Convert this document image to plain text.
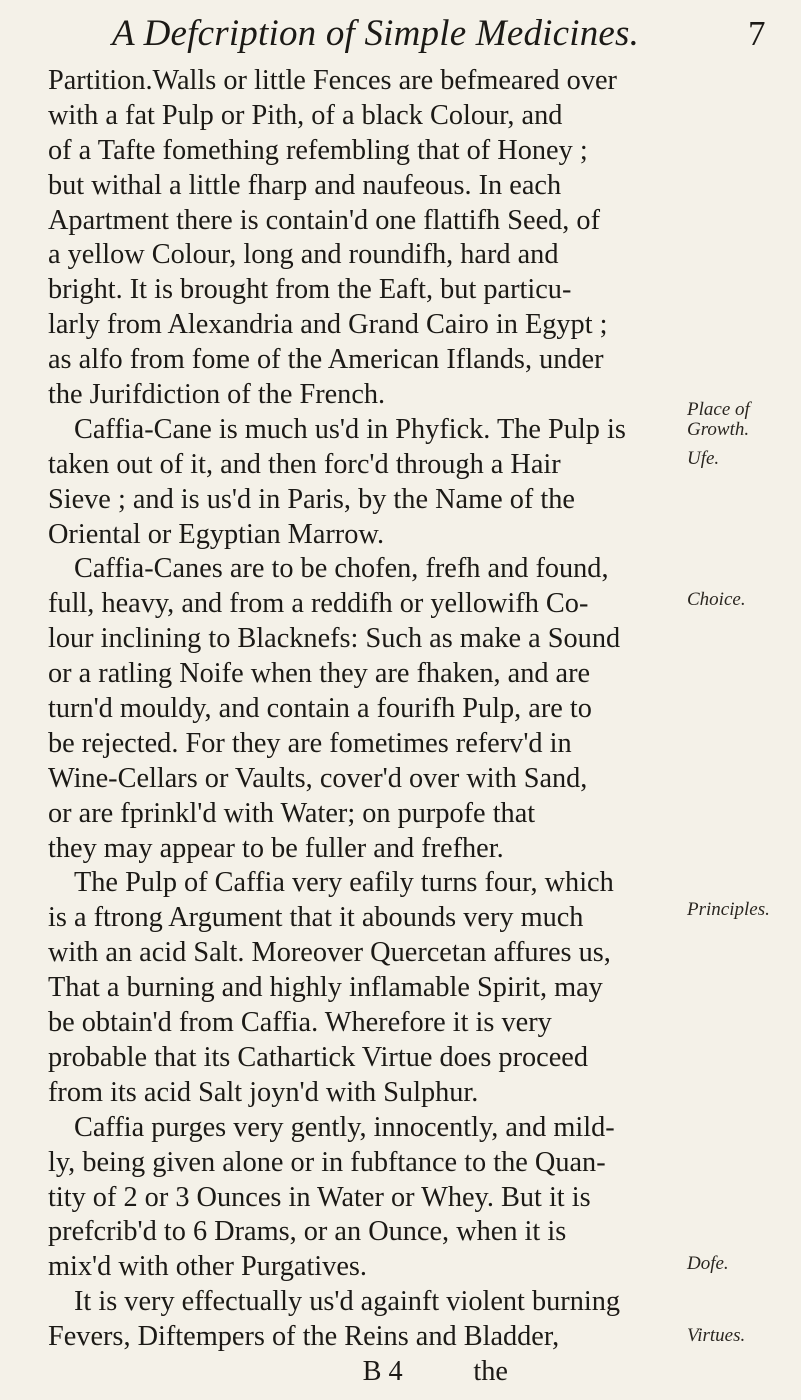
A Defcription of Simple Medicines.	7
Partition.Walls or little Fences are befmeared over
with a fat Pulp or Pith, of a black Colour, and
of a Tafte fomething refembling that of Honey ;
but withal a little fharp and naufeous. In each
Apartment there is contain'd one flattifh Seed, of
a yellow Colour, long and roundifh, hard and
bright. It is brought from the Eaft, but particu-
larly from Alexandria and Grand Cairo in Egypt ;
as alfo from fome of the American Iflands, under
the Jurifdiction of the French.
Caffia-Cane is much us'd in Phyfick. The Pulp is
taken out of it, and then forc'd through a Hair
Sieve ; and is us'd in Paris, by the Name of the
Oriental or Egyptian Marrow.
Caffia-Canes are to be chofen, frefh and found,
full, heavy, and from a reddifh or yellowifh Co-
lour inclining to Blacknefs: Such as make a Sound
or a ratling Noife when they are fhaken, and are
turn'd mouldy, and contain a fourifh Pulp, are to
be rejected. For they are fometimes referv'd in
Wine-Cellars or Vaults, cover'd over with Sand,
or are fprinkl'd with Water; on purpofe that
they may appear to be fuller and frefher.
The Pulp of Caffia very eafily turns four, which
is a ftrong Argument that it abounds very much
with an acid Salt. Moreover Quercetan affures us,
That a burning and highly inflamable Spirit, may
be obtain'd from Caffia. Wherefore it is very
probable that its Cathartick Virtue does proceed
from its acid Salt joyn'd with Sulphur.
Caffia purges very gently, innocently, and mild-
ly, being given alone or in fubftance to the Quan-
tity of 2 or 3 Ounces in Water or Whey. But it is
prefcrib'd to 6 Drams, or an Ounce, when it is
mix'd with other Purgatives.
It is very effectually us'd againft violent burning
Fevers, Diftempers of the Reins and Bladder,
B 4          the
Place of
Growth.
Ufe.
Choice.
Principles.
Dofe.
Virtues.
